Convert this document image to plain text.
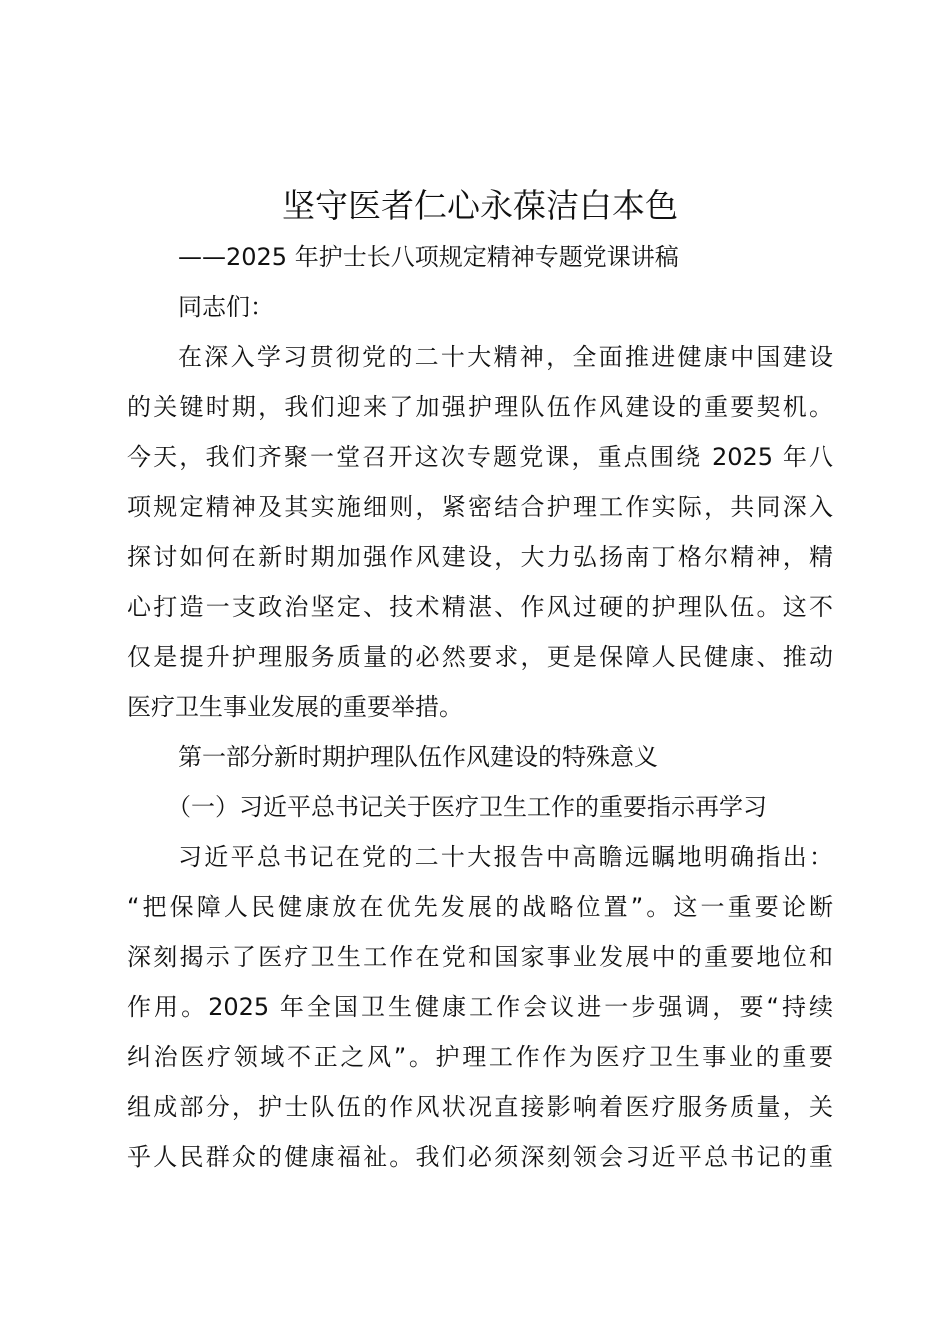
坚守医者仁心永葆洁白本色
——2025 年护士长八项规定精神专题党课讲稿
同志们：
在深入学习贯彻党的二十大精神，全面推进健康中国建设
的关键时期，我们迎来了加强护理队伍作风建设的重要契机。
今天，我们齐聚一堂召开这次专题党课，重点围绕 2025 年八
项规定精神及其实施细则，紧密结合护理工作实际，共同深入
探讨如何在新时期加强作风建设，大力弘扬南丁格尔精神，精
心打造一支政治坚定、技术精湛、作风过硬的护理队伍。这不
仅是提升护理服务质量的必然要求，更是保障人民健康、推动
医疗卫生事业发展的重要举措。
第一部分新时期护理队伍作风建设的特殊意义
（一）习近平总书记关于医疗卫生工作的重要指示再学习
习近平总书记在党的二十大报告中高瞻远瞩地明确指出：
“把保障人民健康放在优先发展的战略位置”。这一重要论断
深刻揭示了医疗卫生工作在党和国家事业发展中的重要地位和
作用。2025 年全国卫生健康工作会议进一步强调，要“持续
纠治医疗领域不正之风”。护理工作作为医疗卫生事业的重要
组成部分，护士队伍的作风状况直接影响着医疗服务质量，关
乎人民群众的健康福祉。我们必须深刻领会习近平总书记的重
